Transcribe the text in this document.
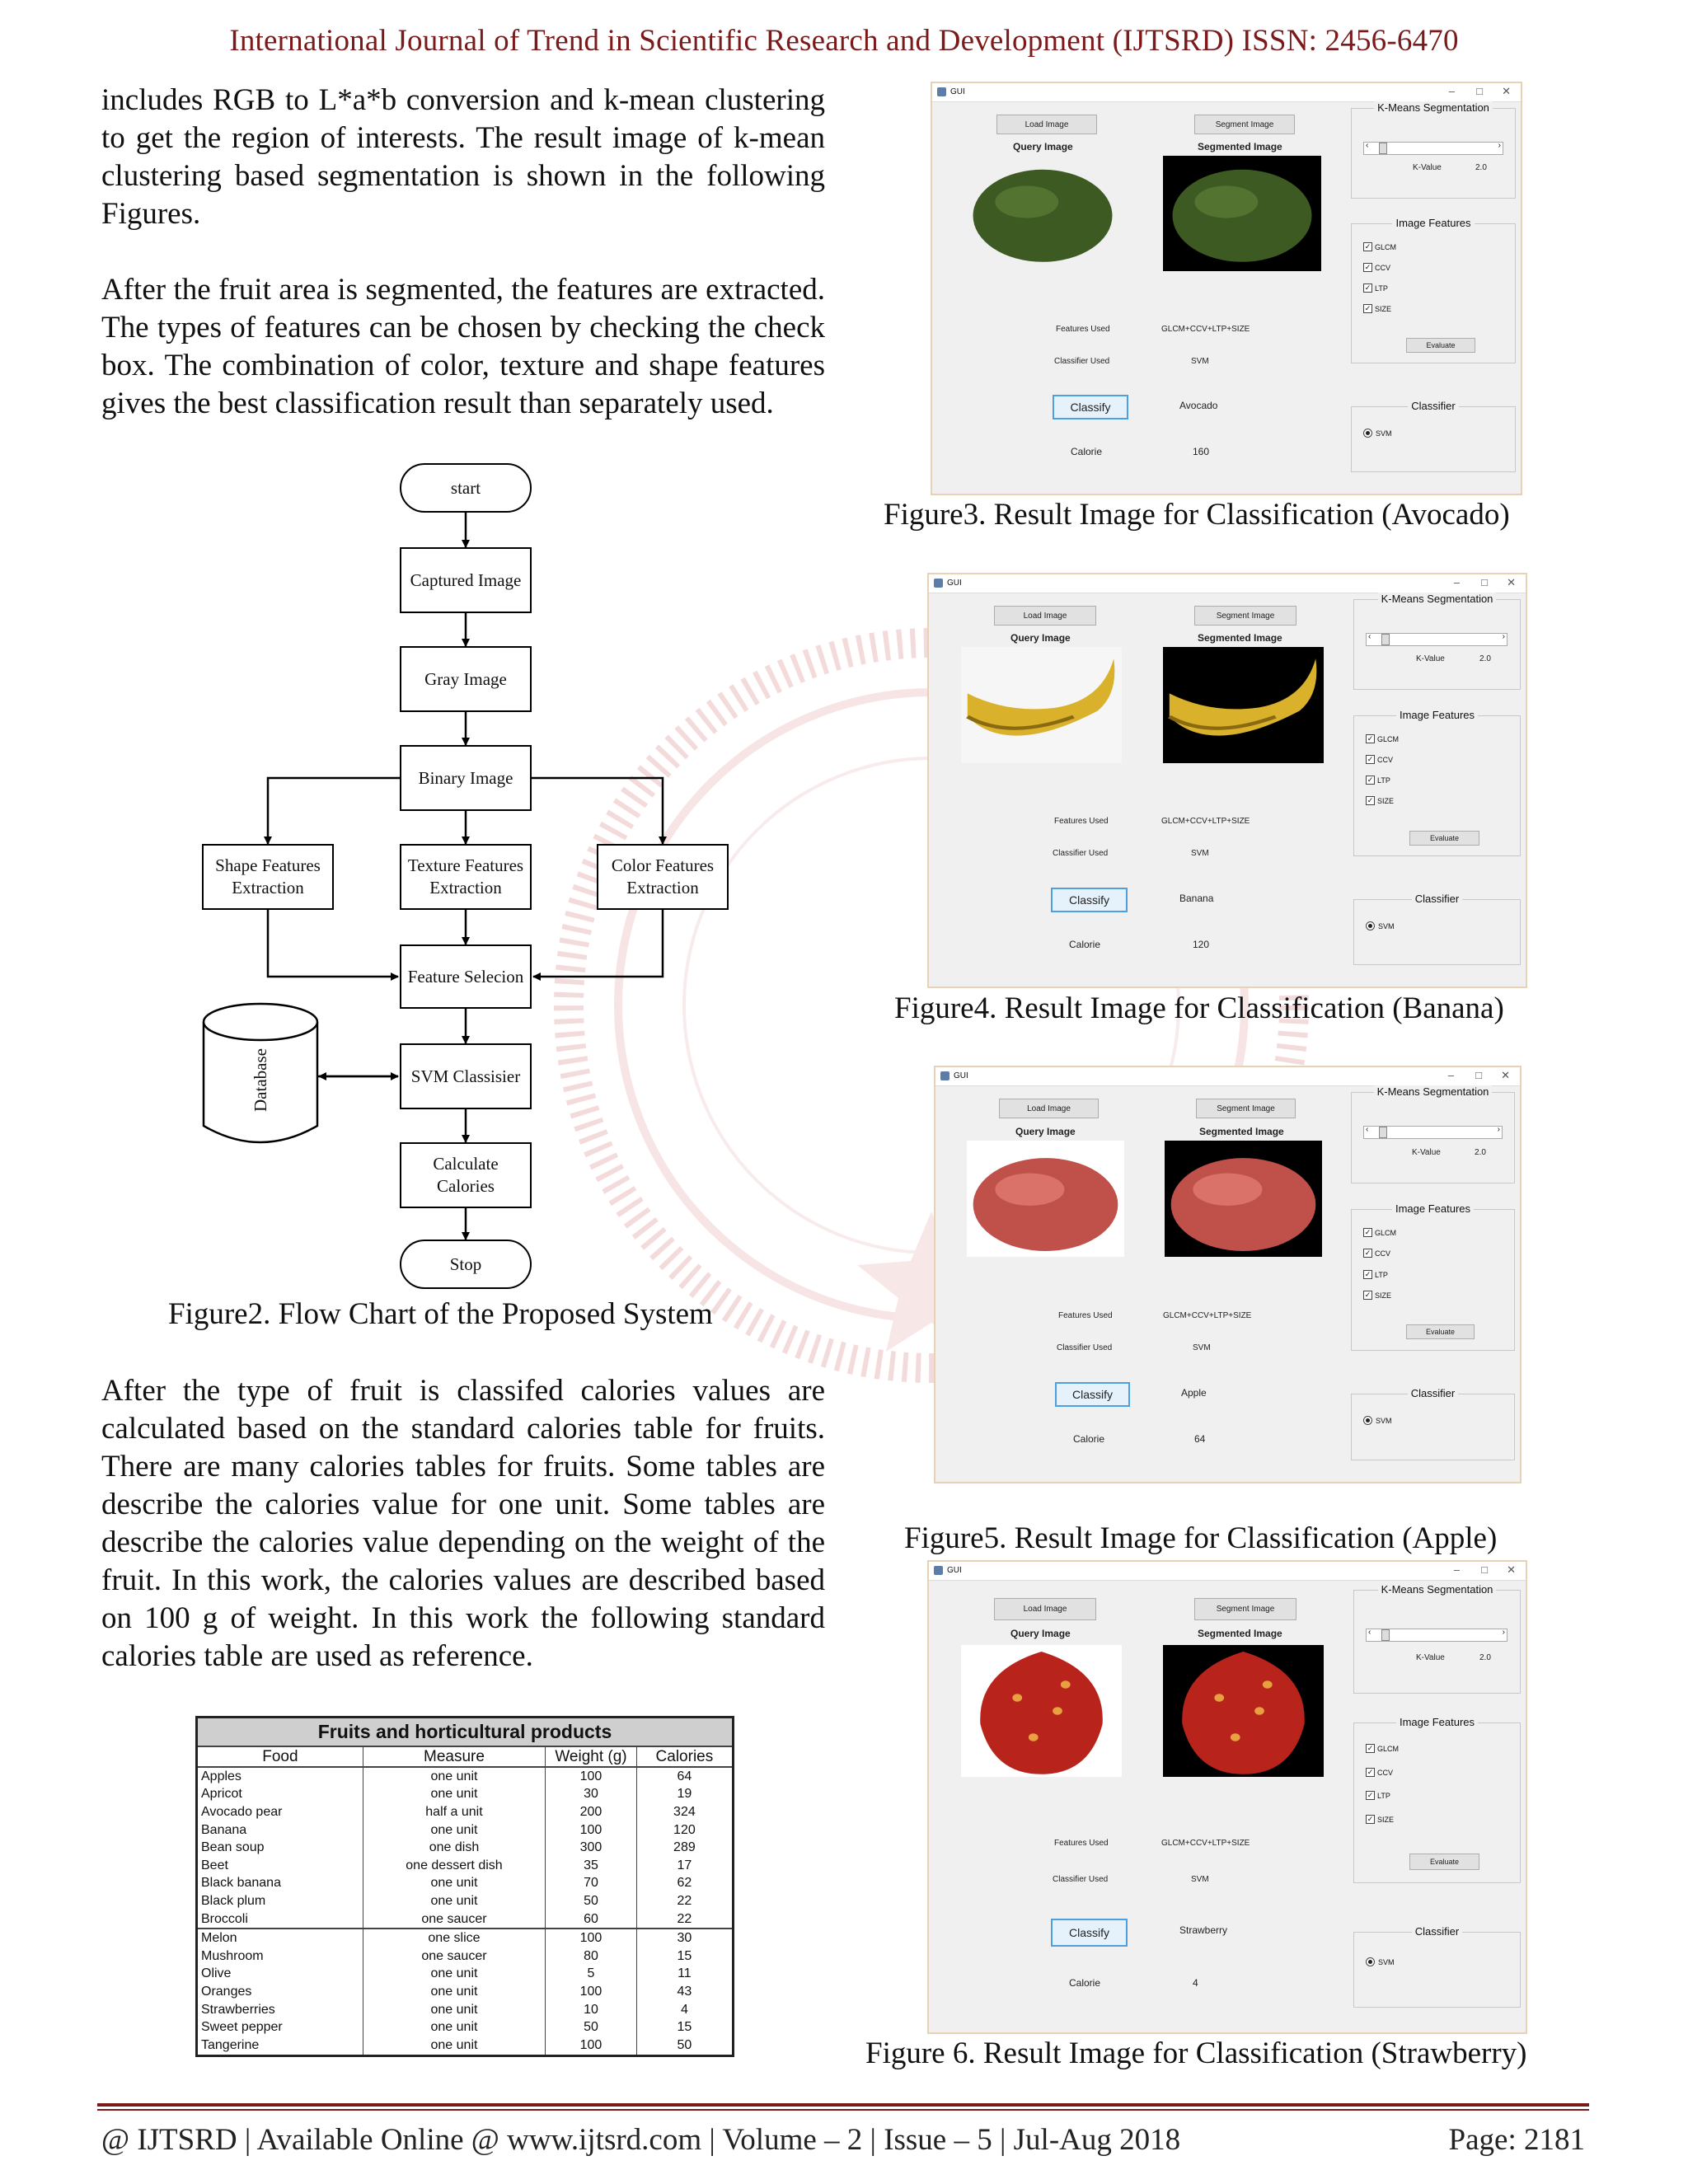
International Journal of Trend in Scientific Research and Development (IJTSRD) ISSN: 2456-6470

includes RGB to L*a*b conversion and k-mean clustering to get the region of interests. The result image of k-mean clustering based segmentation is shown in the following Figures.

After the fruit area is segmented, the features are extracted. The types of features can be chosen by checking the check box. The combination of color, texture and shape features gives the best classification result than separately used.

start
Captured Image
Gray Image
Binary Image
Shape Features Extraction
Texture Features Extraction
Color Features Extraction
Feature Selecion
Database	SVM Classisier
Calculate Calories
Stop
Figure2. Flow Chart of the Proposed System

After the type of fruit is classifed calories values are calculated based on the standard calories table for fruits. There are many calories tables for fruits. Some tables are describe the calories value for one unit. Some tables are describe the calories value depending on the weight of the fruit. In this work, the calories values are described based on 100 g of weight. In this work the following standard calories table are used as reference.

Fruits and horticultural products			
Food	Measure	Weight (g)	Calories
Apples	one unit	100	64
Apricot	one unit	30	19
Avocado pear	half a unit	200	324
Banana	one unit	100	120
Bean soup	one dish	300	289
Beet	one dessert dish	35	17
Black banana	one unit	70	62
Black plum	one unit	50	22
Broccoli	one saucer	60	22
Melon	one slice	100	30
Mushroom	one saucer	80	15
Olive	one unit	5	11
Oranges	one unit	100	43
Strawberries	one unit	10	4
Sweet pepper	one unit	50	15
Tangerine	one unit	100	50
GUI	– □ ✕
Load Image	Segment Image
Query Image	Segmented Image
K-Means Segmentation
‹	›
K-Value	2.0
Image Features
✓ GLCM
✓ CCV
✓ LTP
✓ SIZE
Evaluate
Features Used	GLCM+CCV+LTP+SIZE
Classifier Used	SVM
Classify	Avocado
Calorie	160
Classifier
SVM
GUI	– □ ✕
Load Image	Segment Image
Query Image	Segmented Image
K-Means Segmentation
‹	›
K-Value	2.0
Image Features
✓ GLCM
✓ CCV
✓ LTP
✓ SIZE
Evaluate
Features Used	GLCM+CCV+LTP+SIZE
Classifier Used	SVM
Classify	Banana
Calorie	120
Classifier
SVM
GUI	– □ ✕
Load Image	Segment Image
Query Image	Segmented Image
K-Means Segmentation
‹	›
K-Value	2.0
Image Features
✓ GLCM
✓ CCV
✓ LTP
✓ SIZE
Evaluate
Features Used	GLCM+CCV+LTP+SIZE
Classifier Used	SVM
Classify	Apple
Calorie	64
Classifier
SVM
GUI	– □ ✕
Load Image	Segment Image
Query Image	Segmented Image
K-Means Segmentation
‹	›
K-Value	2.0
Image Features
✓ GLCM
✓ CCV
✓ LTP
✓ SIZE
Evaluate
Features Used	GLCM+CCV+LTP+SIZE
Classifier Used	SVM
Classify	Strawberry
Calorie	4
Classifier
SVM
Figure3. Result Image for Classification (Avocado)
Figure4. Result Image for Classification (Banana)
Figure5. Result Image for Classification (Apple)
Figure 6. Result Image for Classification (Strawberry)
@ IJTSRD | Available Online @ www.ijtsrd.com | Volume – 2 | Issue – 5 | Jul-Aug 2018	Page: 2181
